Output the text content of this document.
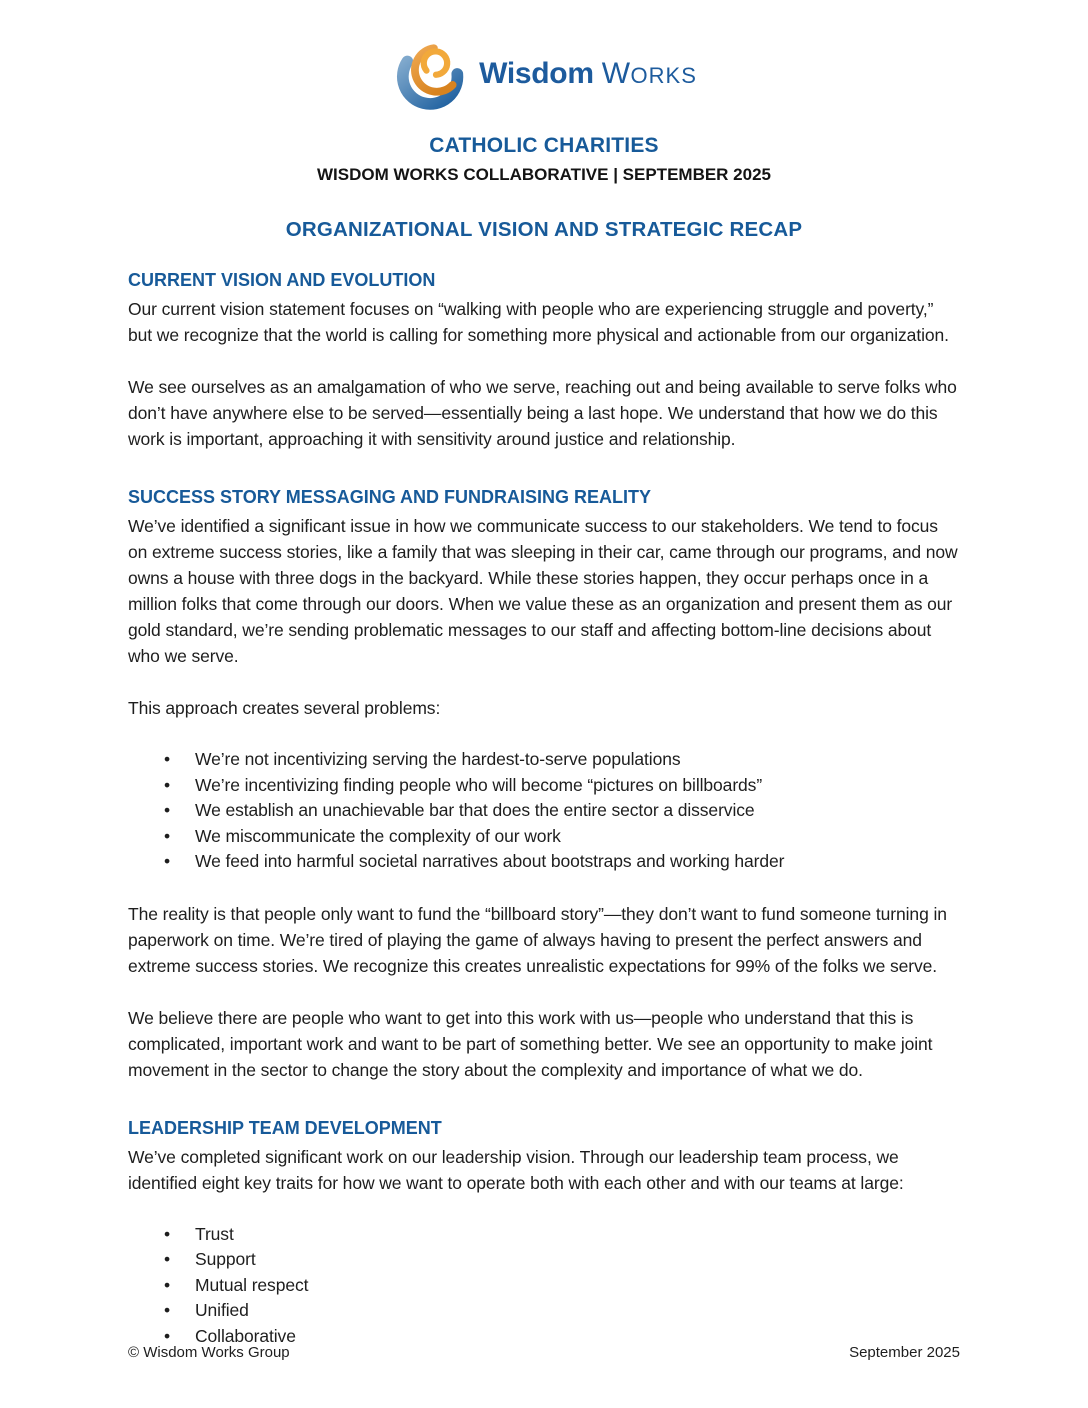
Wisdom WORKS
CATHOLIC CHARITIES
WISDOM WORKS COLLABORATIVE | SEPTEMBER 2025
ORGANIZATIONAL VISION AND STRATEGIC RECAP
CURRENT VISION AND EVOLUTION

Our current vision statement focuses on “walking with people who are experiencing struggle and poverty,” but we recognize that the world is calling for something more physical and actionable from our organization.

We see ourselves as an amalgamation of who we serve, reaching out and being available to serve folks who don’t have anywhere else to be served—essentially being a last hope. We understand that how we do this work is important, approaching it with sensitivity around justice and relationship.

SUCCESS STORY MESSAGING AND FUNDRAISING REALITY

We’ve identified a significant issue in how we communicate success to our stakeholders. We tend to focus on extreme success stories, like a family that was sleeping in their car, came through our programs, and now owns a house with three dogs in the backyard. While these stories happen, they occur perhaps once in a million folks that come through our doors. When we value these as an organization and present them as our gold standard, we’re sending problematic messages to our staff and affecting bottom-line decisions about who we serve.

This approach creates several problems:

• We’re not incentivizing serving the hardest-to-serve populations
• We’re incentivizing finding people who will become “pictures on billboards”
• We establish an unachievable bar that does the entire sector a disservice
• We miscommunicate the complexity of our work
• We feed into harmful societal narratives about bootstraps and working harder

The reality is that people only want to fund the “billboard story”—they don’t want to fund someone turning in paperwork on time. We’re tired of playing the game of always having to present the perfect answers and extreme success stories. We recognize this creates unrealistic expectations for 99% of the folks we serve.

We believe there are people who want to get into this work with us—people who understand that this is complicated, important work and want to be part of something better. We see an opportunity to make joint movement in the sector to change the story about the complexity and importance of what we do.

LEADERSHIP TEAM DEVELOPMENT

We’ve completed significant work on our leadership vision. Through our leadership team process, we identified eight key traits for how we want to operate both with each other and with our teams at large:

• Trust
• Support
• Mutual respect
• Unified
• Collaborative
© Wisdom Works Group	September 2025
